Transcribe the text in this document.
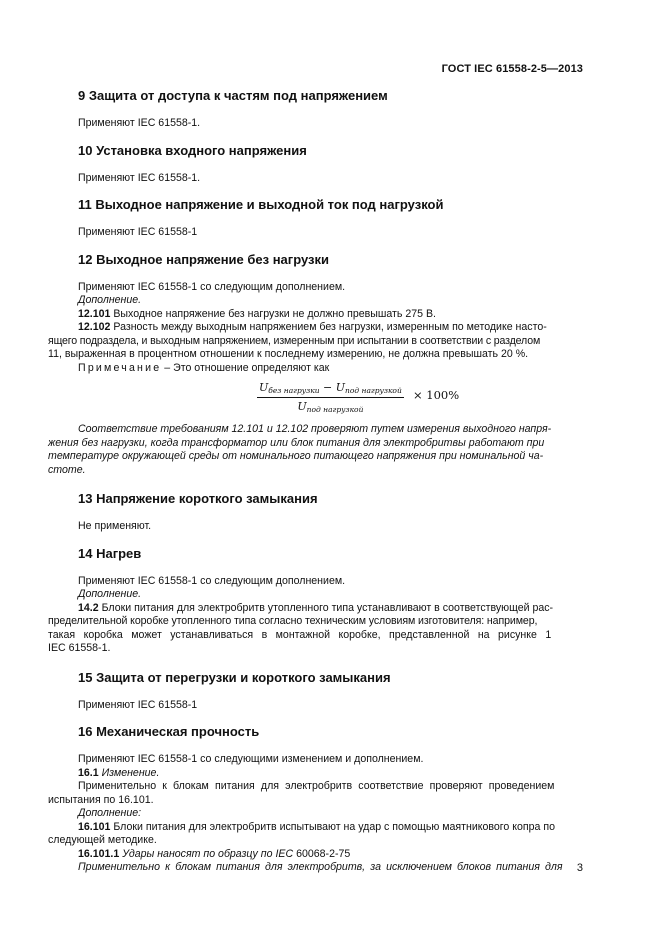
ГОСТ IEC 61558-2-5—2013
9 Защита от доступа к частям под напряжением

Применяют IEC 61558-1.

10 Установка входного напряжения

Применяют IEC 61558-1.

11 Выходное напряжение и выходной ток под нагрузкой

Применяют IEC 61558-1

12 Выходное напряжение без нагрузки

Применяют IEC 61558-1 со следующим дополнением.

Дополнение.

12.101 Выходное напряжение без нагрузки не должно превышать 275 В.

12.102 Разность между выходным напряжением без нагрузки, измеренным по методике насто-

ящего подраздела, и выходным напряжением, измеренным при испытании в соответствии с разделом

11, выраженная в процентном отношении к последнему измерению, не должна превышать 20 %.

Примечание – Это отношение определяют как

$U_{без нагрузки} - U_{под нагрузкой}$
$U_{под нагрузкой}$
× 100%

Соответствие требованиям 12.101 и 12.102 проверяют путем измерения выходного напря-

жения без нагрузки, когда трансформатор или блок питания для электробритвы работают при

температуре окружающей среды от номинального питающего напряжения при номинальной ча-

стоте.

13 Напряжение короткого замыкания

Не применяют.

14 Нагрев

Применяют IEC 61558-1 со следующим дополнением.

Дополнение.

14.2 Блоки питания для электробритв утопленного типа устанавливают в соответствующей рас-

пределительной коробке утопленного типа согласно техническим условиям изготовителя: например,

такая коробка может устанавливаться в монтажной коробке, представленной на рисунке 1

IEC 61558-1.

15 Защита от перегрузки и короткого замыкания

Применяют IEC 61558-1

16 Механическая прочность

Применяют IEC 61558-1 со следующими изменением и дополнением.

16.1 Изменение.

Применительно к блокам питания для электробритв соответствие проверяют проведением

испытания по 16.101.

Дополнение:

16.101 Блоки питания для электробритв испытывают на удар с помощью маятникового копра по

следующей методике.

16.101.1 Удары наносят по образцу по IEC 60068-2-75

Применительно к блокам питания для электробритв, за исключением блоков питания для	3
